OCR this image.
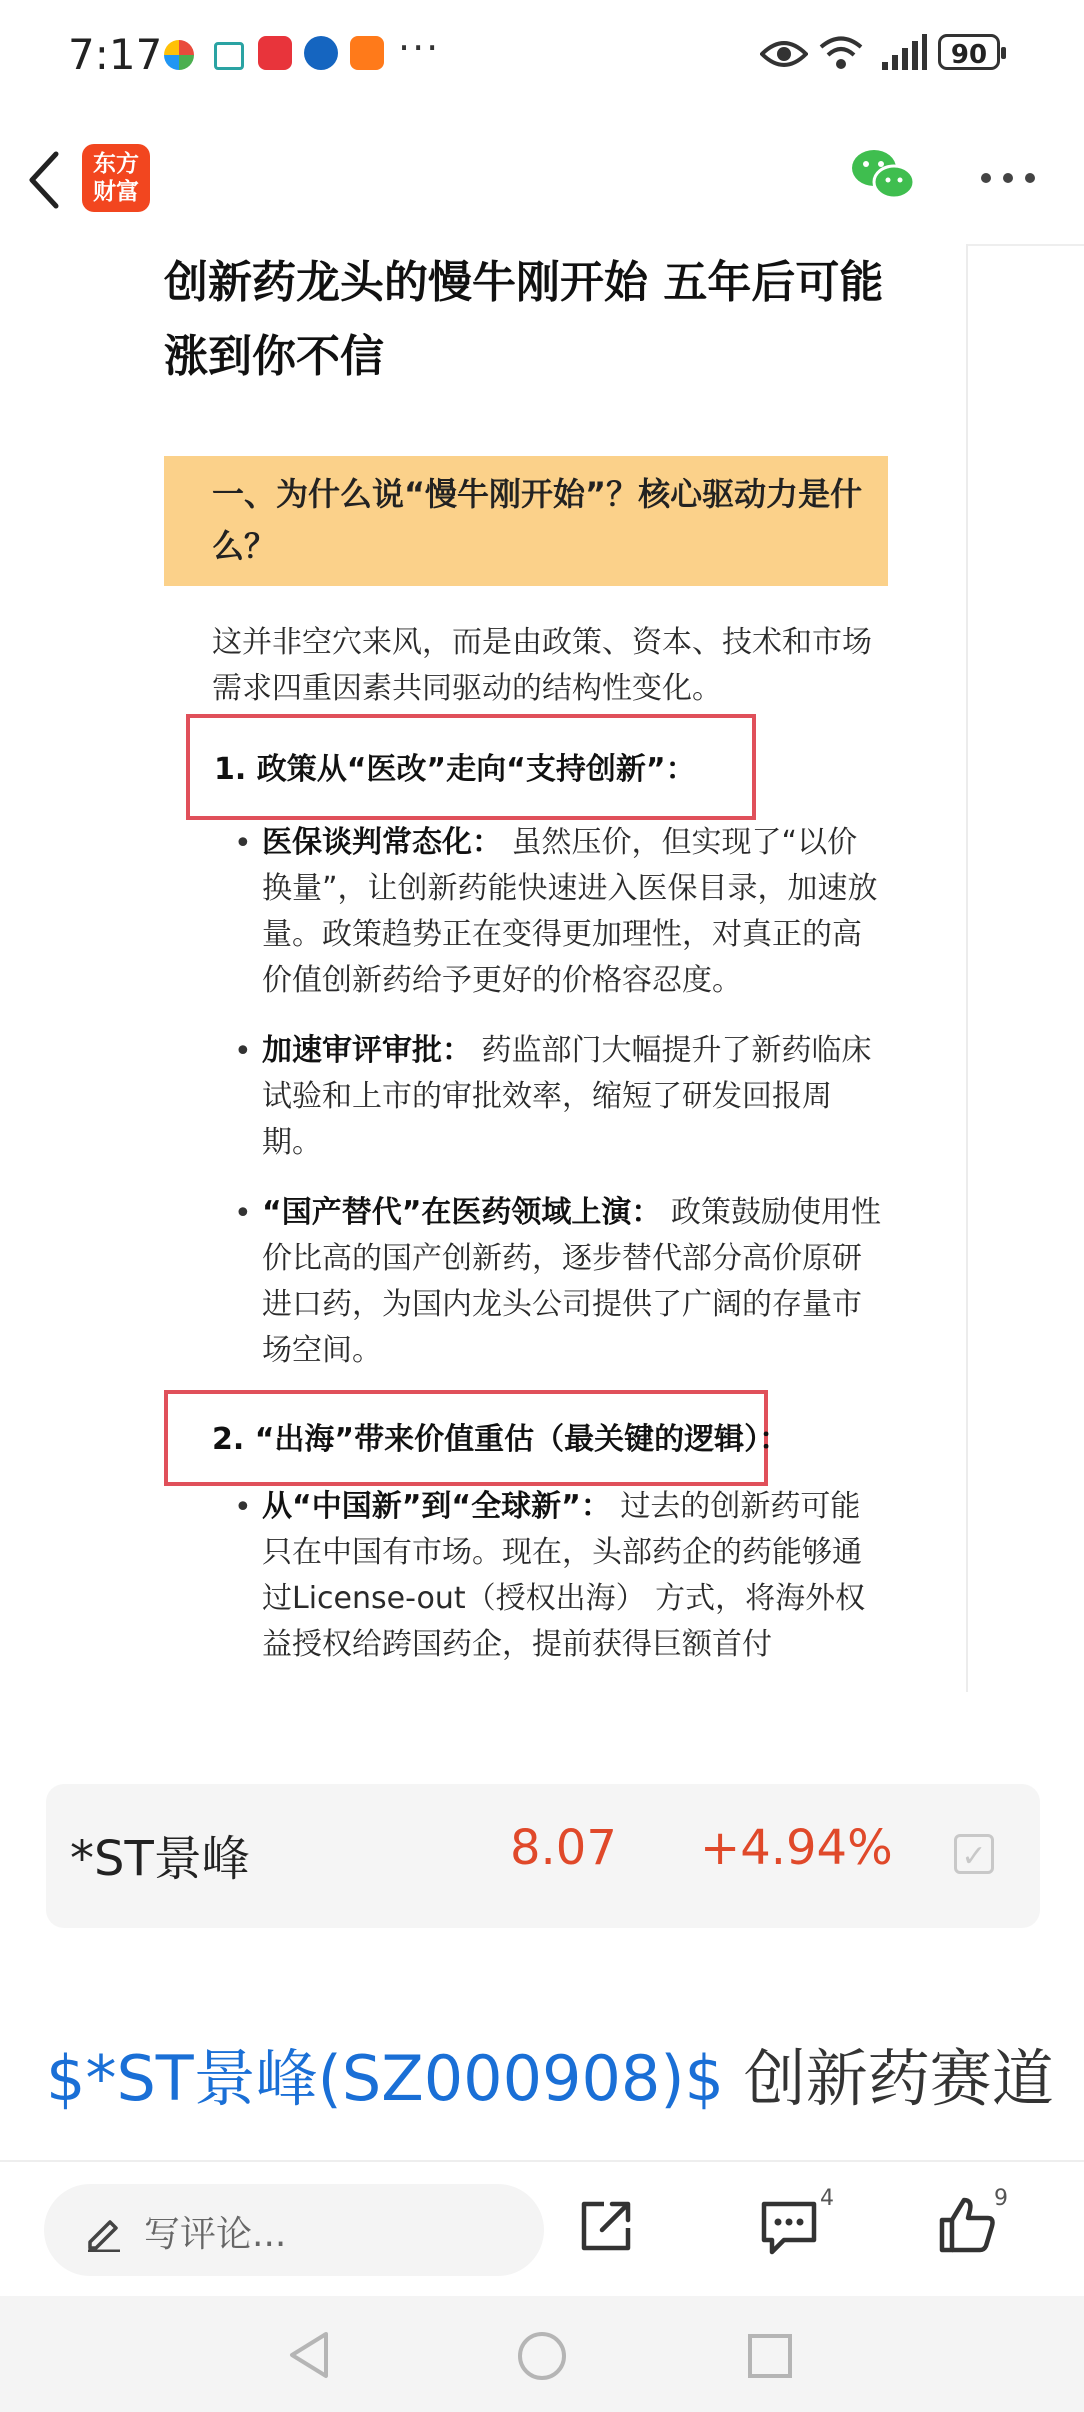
7:17	···	90
东方财富
创新药龙头的慢牛刚开始 五年后可能涨到你不信
一、为什么说“慢牛刚开始”？核心驱动力是什么？
这并非空穴来风，而是由政策、资本、技术和市场需求四重因素共同驱动的结构性变化。
1. 政策从“医改”走向“支持创新”：
• 医保谈判常态化： 虽然压价，但实现了“以价换量”，让创新药能快速进入医保目录，加速放量。政策趋势正在变得更加理性，对真正的高价值创新药给予更好的价格容忍度。
• 加速审评审批： 药监部门大幅提升了新药临床试验和上市的审批效率，缩短了研发回报周期。
• “国产替代”在医药领域上演： 政策鼓励使用性价比高的国产创新药，逐步替代部分高价原研进口药，为国内龙头公司提供了广阔的存量市场空间。
2. “出海”带来价值重估（最关键的逻辑）：
• 从“中国新”到“全球新”： 过去的创新药可能只在中国有市场。现在，头部药企的药能够通过License-out（授权出海） 方式，将海外权益授权给跨国药企，提前获得巨额首付
*ST景峰	8.07 +4.94% ✓
$*ST景峰(SZ000908)$ 创新药赛道
写评论...
4	9
